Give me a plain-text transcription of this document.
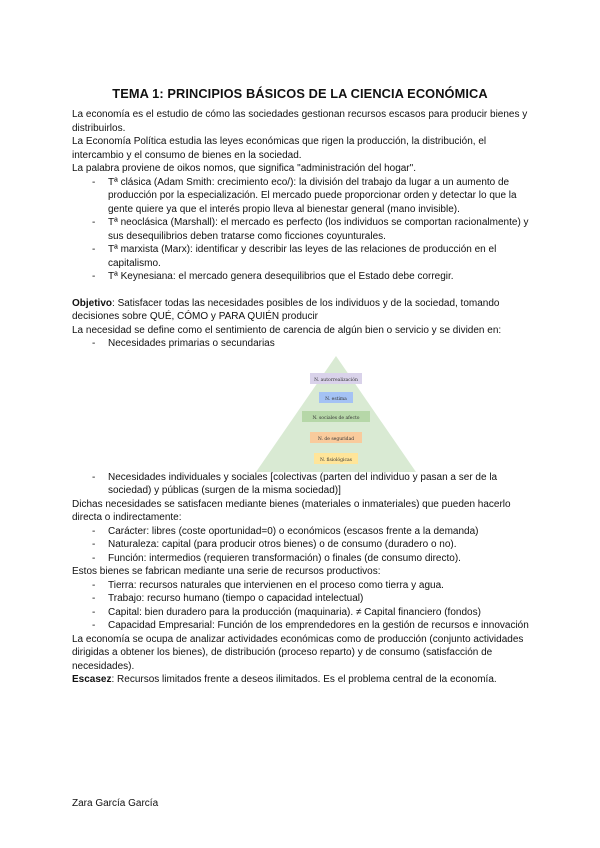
TEMA 1: PRINCIPIOS BÁSICOS DE LA CIENCIA ECONÓMICA

La economía es el estudio de cómo las sociedades gestionan recursos escasos para producir bienes y distribuirlos.

La Economía Política estudia las leyes económicas que rigen la producción, la distribución, el intercambio y el consumo de bienes en la sociedad.

La palabra proviene de oikos nomos, que significa "administración del hogar".

- Tª clásica (Adam Smith: crecimiento eco/): la división del trabajo da lugar a un aumento de producción por la especialización. El mercado puede proporcionar orden y detectar lo que la gente quiere ya que el interés propio lleva al bienestar general (mano invisible).
- Tª neoclásica (Marshall): el mercado es perfecto (los individuos se comportan racionalmente) y sus desequilibrios deben tratarse como ficciones coyunturales.
- Tª marxista (Marx): identificar y describir las leyes de las relaciones de producción en el capitalismo.
- Tª Keynesiana: el mercado genera desequilibrios que el Estado debe corregir.

Objetivo: Satisfacer todas las necesidades posibles de los individuos y de la sociedad, tomando decisiones sobre QUÉ, CÓMO y PARA QUIÉN producir

La necesidad se define como el sentimiento de carencia de algún bien o servicio y se dividen en:

- Necesidades primarias o secundarias
N. autorrealización
N. estima
N. sociales de afecto
N. de seguridad
N. fisiológicas
- Necesidades individuales y sociales [colectivas (parten del individuo y pasan a ser de la sociedad) y públicas (surgen de la misma sociedad)]

Dichas necesidades se satisfacen mediante bienes (materiales o inmateriales) que pueden hacerlo directa o indirectamente:

- Carácter: libres (coste oportunidad=0) o económicos (escasos frente a la demanda)
- Naturaleza: capital (para producir otros bienes) o de consumo (duradero o no).
- Función: intermedios (requieren transformación) o finales (de consumo directo).

Estos bienes se fabrican mediante una serie de recursos productivos:

- Tierra: recursos naturales que intervienen en el proceso como tierra y agua.
- Trabajo: recurso humano (tiempo o capacidad intelectual)
- Capital: bien duradero para la producción (maquinaria). ≠ Capital financiero (fondos)
- Capacidad Empresarial: Función de los emprendedores en la gestión de recursos e innovación

La economía se ocupa de analizar actividades económicas como de producción (conjunto actividades dirigidas a obtener los bienes), de distribución (proceso reparto) y de consumo (satisfacción de necesidades).

Escasez: Recursos limitados frente a deseos ilimitados. Es el problema central de la economía.

Zara García García
